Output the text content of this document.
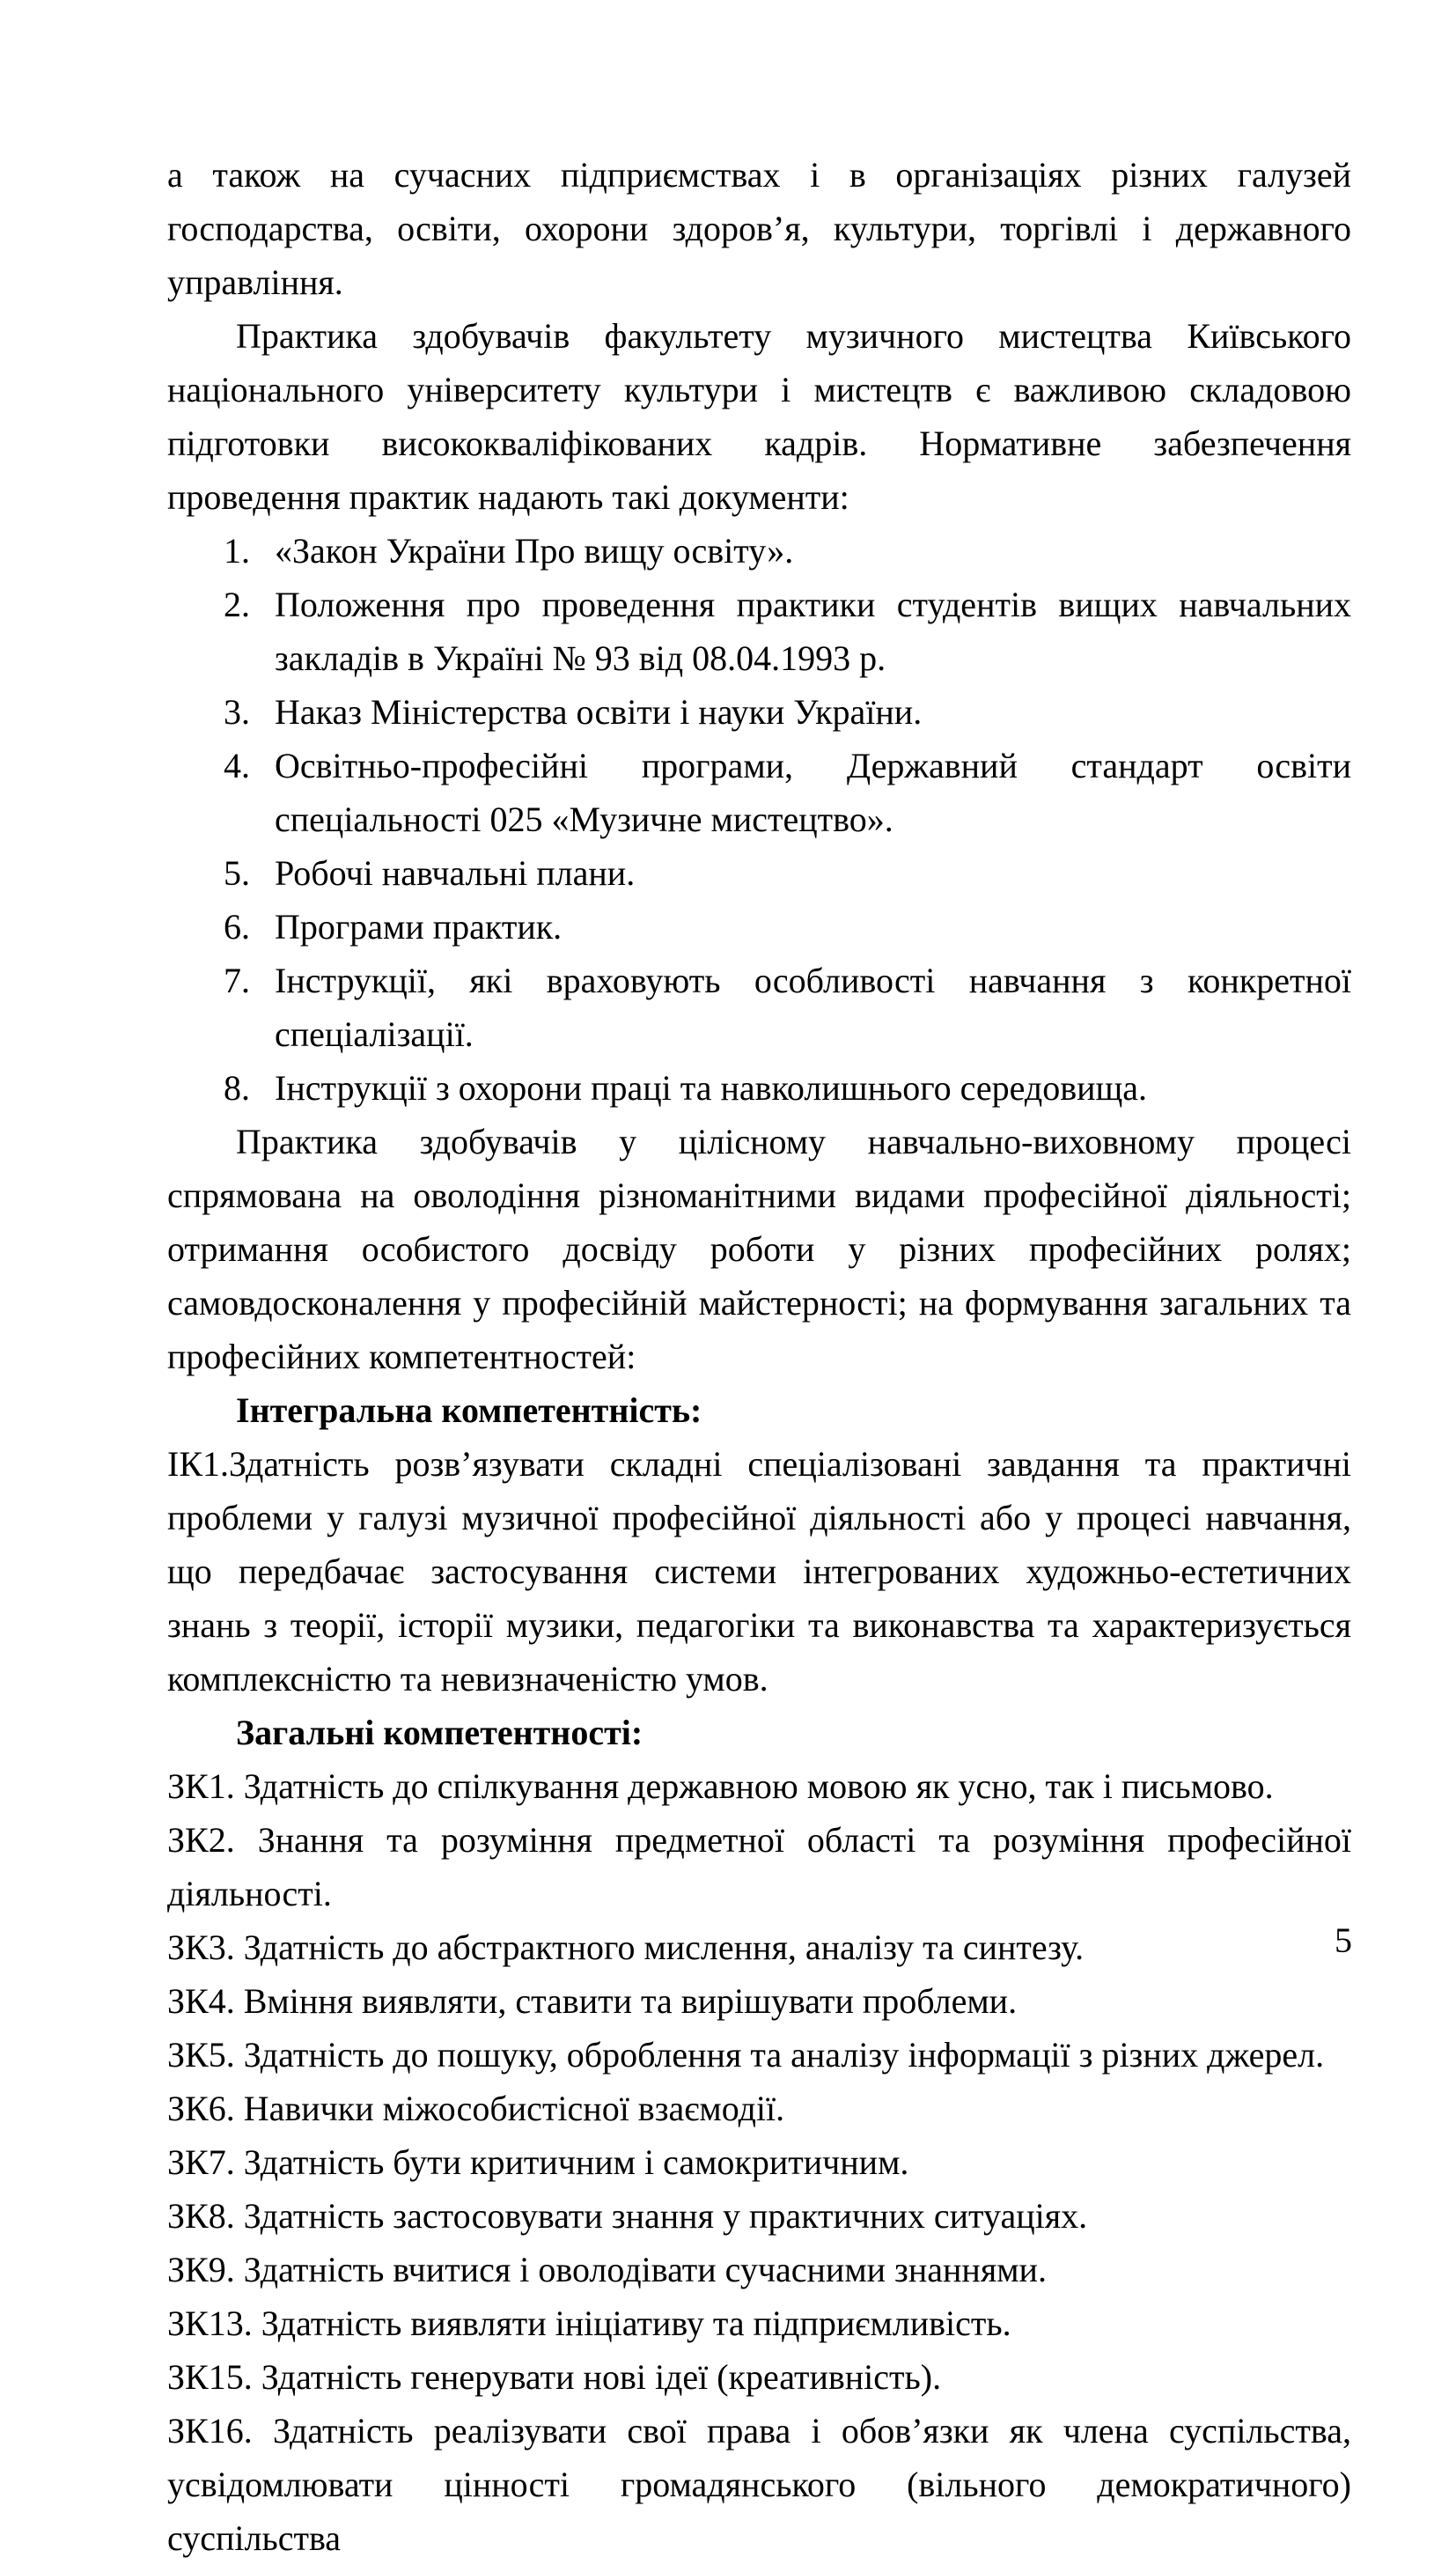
а також на сучасних підприємствах і в організаціях різних галузей господарства, освіти, охорони здоров’я, культури, торгівлі і державного управління.

Практика здобувачів факультету музичного мистецтва Київського національного університету культури і мистецтв є важливою складовою підготовки висококваліфікованих кадрів. Нормативне забезпечення проведення практик надають такі документи:

«Закон України Про вищу освіту».
Положення про проведення практики студентів вищих навчальних закладів в Україні № 93 від 08.04.1993 р.
Наказ Міністерства освіти і науки України.
Освітньо-професійні програми, Державний стандарт освіти спеціальності 025 «Музичне мистецтво».
Робочі навчальні плани.
Програми практик.
Інструкції, які враховують особливості навчання з конкретної спеціалізації.
Інструкції з охорони праці та навколишнього середовища.

Практика здобувачів у цілісному навчально-виховному процесі спрямована на оволодіння різноманітними видами професійної діяльності; отримання особистого досвіду роботи у різних професійних ролях; самовдосконалення у професійній майстерності; на формування загальних та професійних компетентностей:

Інтегральна компетентність:

ІК1.Здатність розв’язувати складні спеціалізовані завдання та практичні проблеми у галузі музичної професійної діяльності або у процесі навчання, що передбачає застосування системи інтегрованих художньо-естетичних знань з теорії, історії музики, педагогіки та виконавства та характеризується комплексністю та невизначеністю умов.

Загальні компетентності:

ЗК1. Здатність до спілкування державною мовою як усно, так і письмово.

ЗК2. Знання та розуміння предметної області та розуміння професійної діяльності.

ЗК3. Здатність до абстрактного мислення, аналізу та синтезу.

ЗК4. Вміння виявляти, ставити та вирішувати проблеми.

ЗК5. Здатність до пошуку, оброблення та аналізу інформації з різних джерел.

ЗК6. Навички міжособистісної взаємодії.

ЗК7. Здатність бути критичним і самокритичним.

ЗК8. Здатність застосовувати знання у практичних ситуаціях.

ЗК9. Здатність вчитися і оволодівати сучасними знаннями.

ЗК13. Здатність виявляти ініціативу та підприємливість.

ЗК15. Здатність генерувати нові ідеї (креативність).

ЗК16. Здатність реалізувати свої права і обов’язки як члена суспільства, усвідомлювати цінності громадянського (вільного демократичного) суспільства

5
